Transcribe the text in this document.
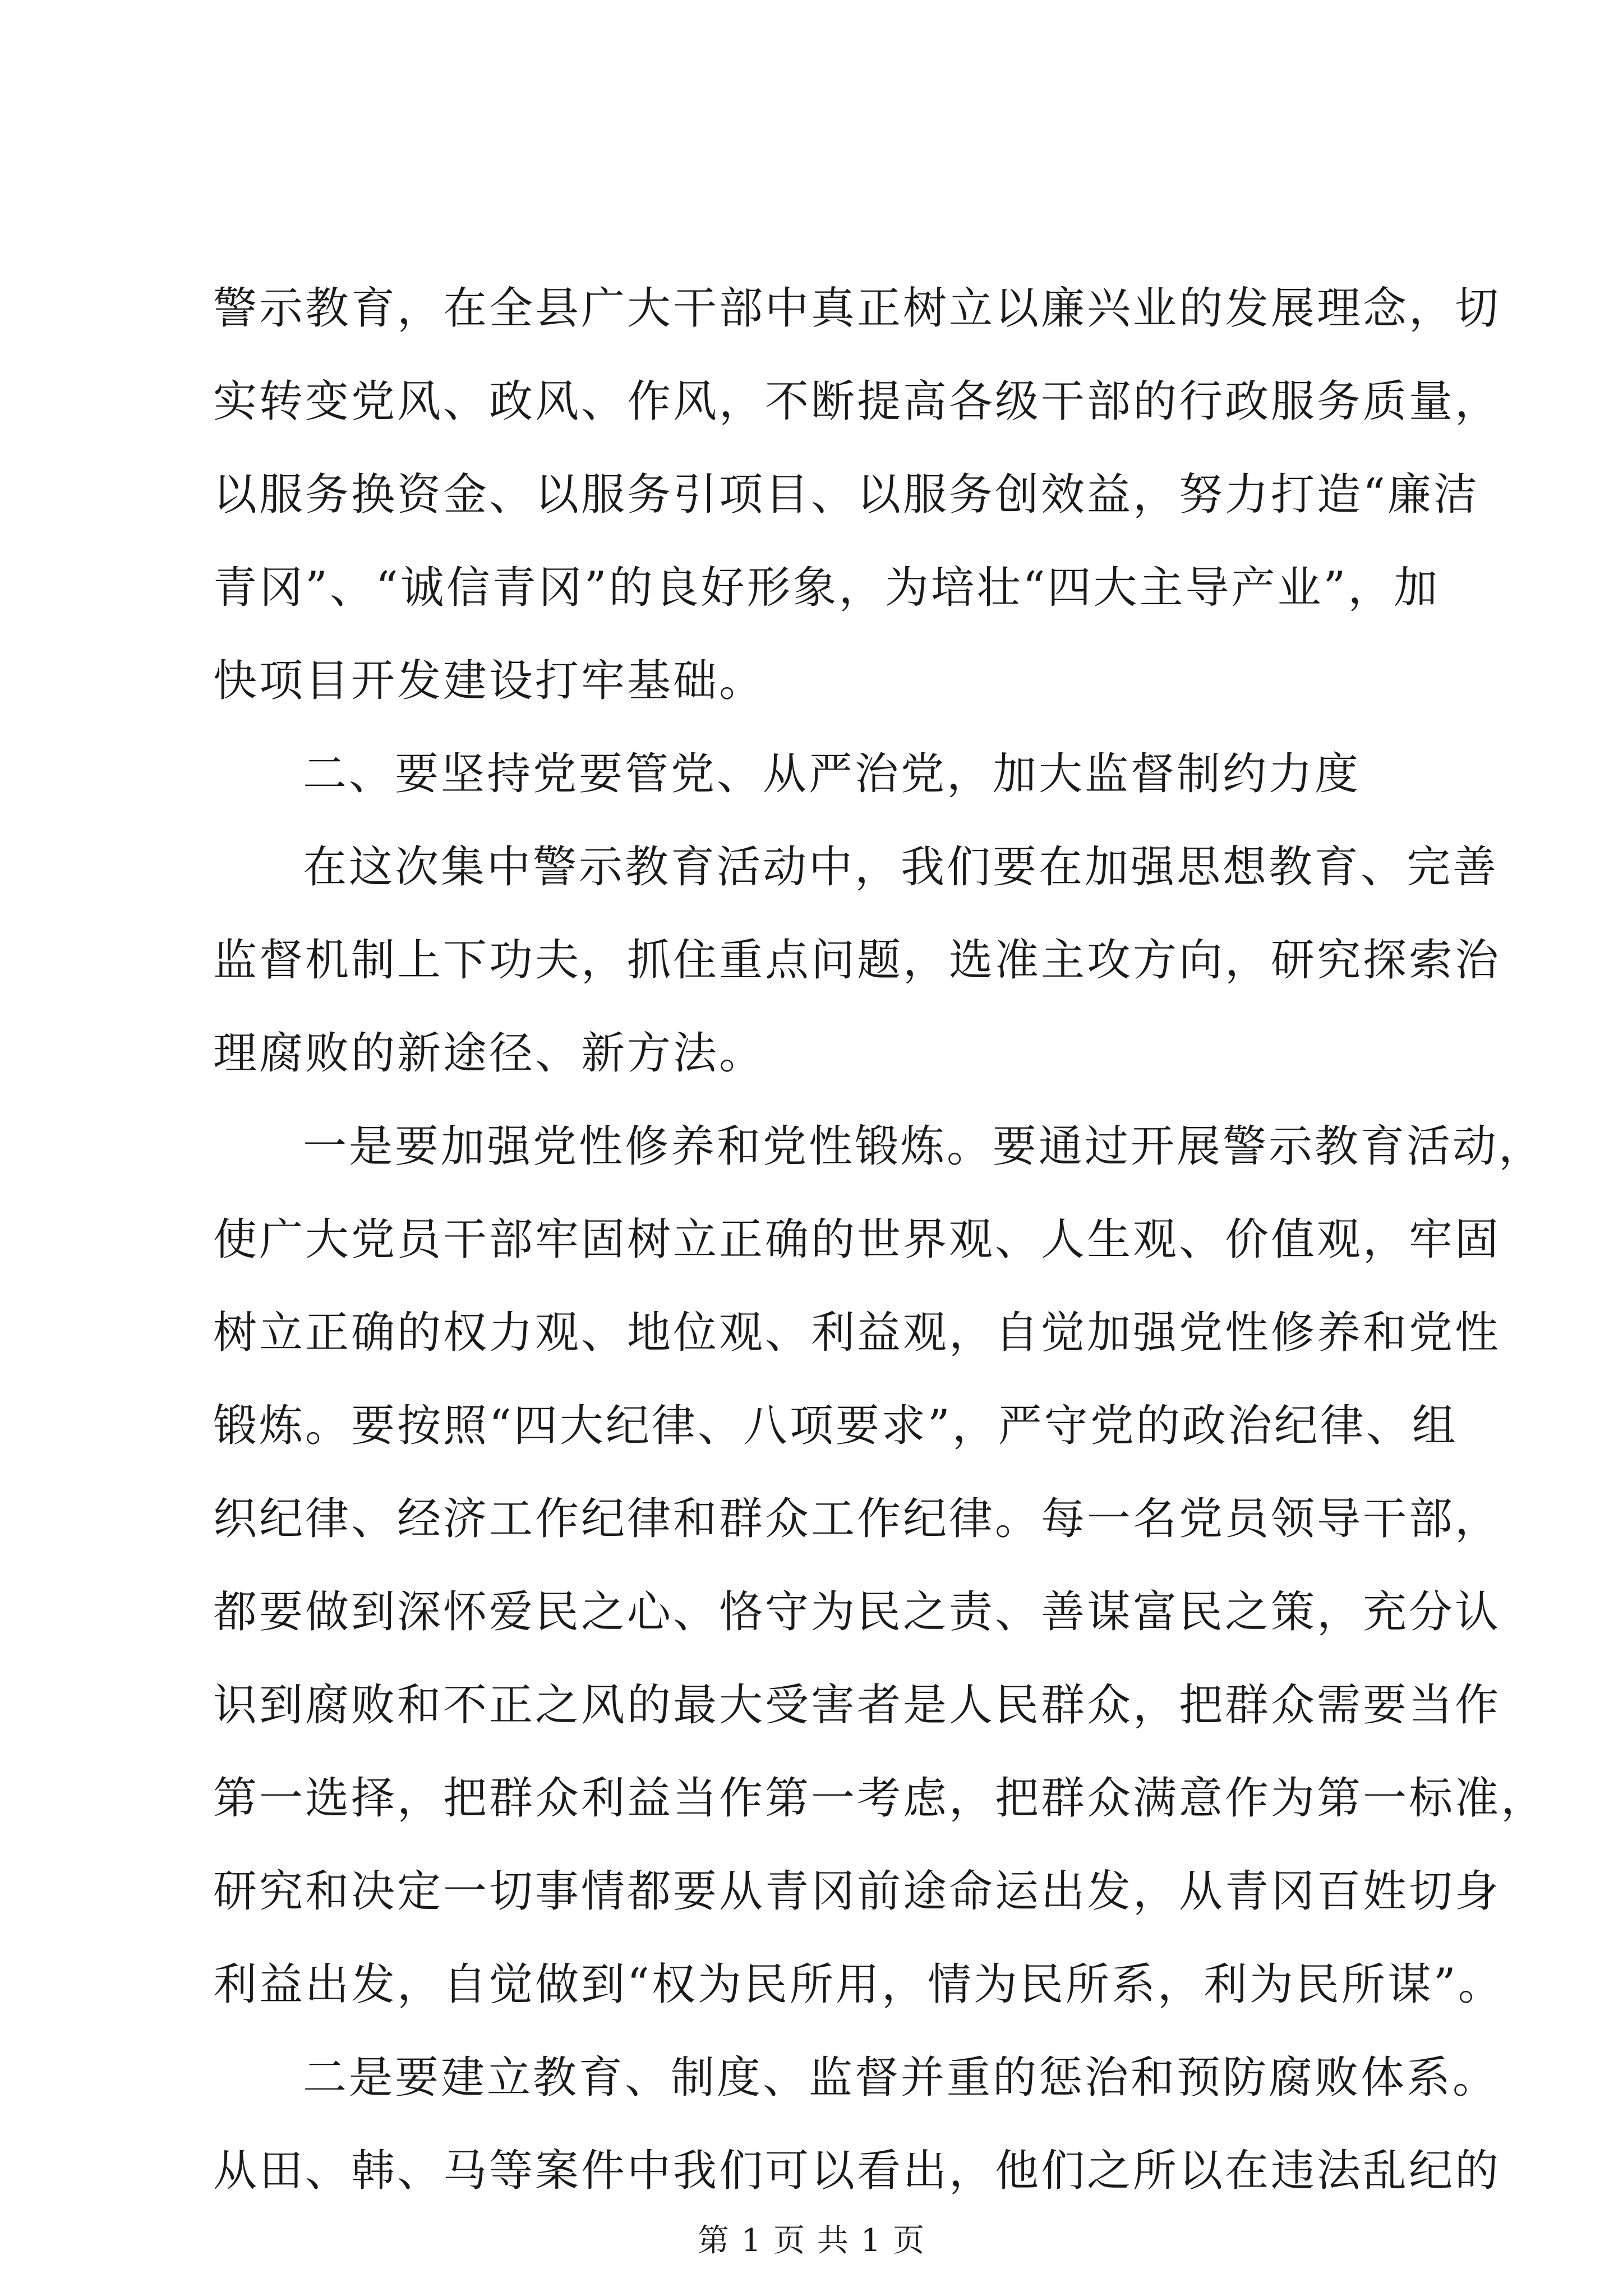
警示教育，在全县广大干部中真正树立以廉兴业的发展理念，切
实转变党风、政风、作风，不断提高各级干部的行政服务质量，
以服务换资金、以服务引项目、以服务创效益，努力打造“廉洁
青冈”、“诚信青冈”的良好形象，为培壮“四大主导产业”，加
快项目开发建设打牢基础。
二、要坚持党要管党、从严治党，加大监督制约力度
在这次集中警示教育活动中，我们要在加强思想教育、完善
监督机制上下功夫，抓住重点问题，选准主攻方向，研究探索治
理腐败的新途径、新方法。
一是要加强党性修养和党性锻炼。要通过开展警示教育活动，
使广大党员干部牢固树立正确的世界观、人生观、价值观，牢固
树立正确的权力观、地位观、利益观，自觉加强党性修养和党性
锻炼。要按照“四大纪律、八项要求”，严守党的政治纪律、组
织纪律、经济工作纪律和群众工作纪律。每一名党员领导干部，
都要做到深怀爱民之心、恪守为民之责、善谋富民之策，充分认
识到腐败和不正之风的最大受害者是人民群众，把群众需要当作
第一选择，把群众利益当作第一考虑，把群众满意作为第一标准，
研究和决定一切事情都要从青冈前途命运出发，从青冈百姓切身
利益出发，自觉做到“权为民所用，情为民所系，利为民所谋”。
二是要建立教育、制度、监督并重的惩治和预防腐败体系。
从田、韩、马等案件中我们可以看出，他们之所以在违法乱纪的
第 1 页 共 1 页
